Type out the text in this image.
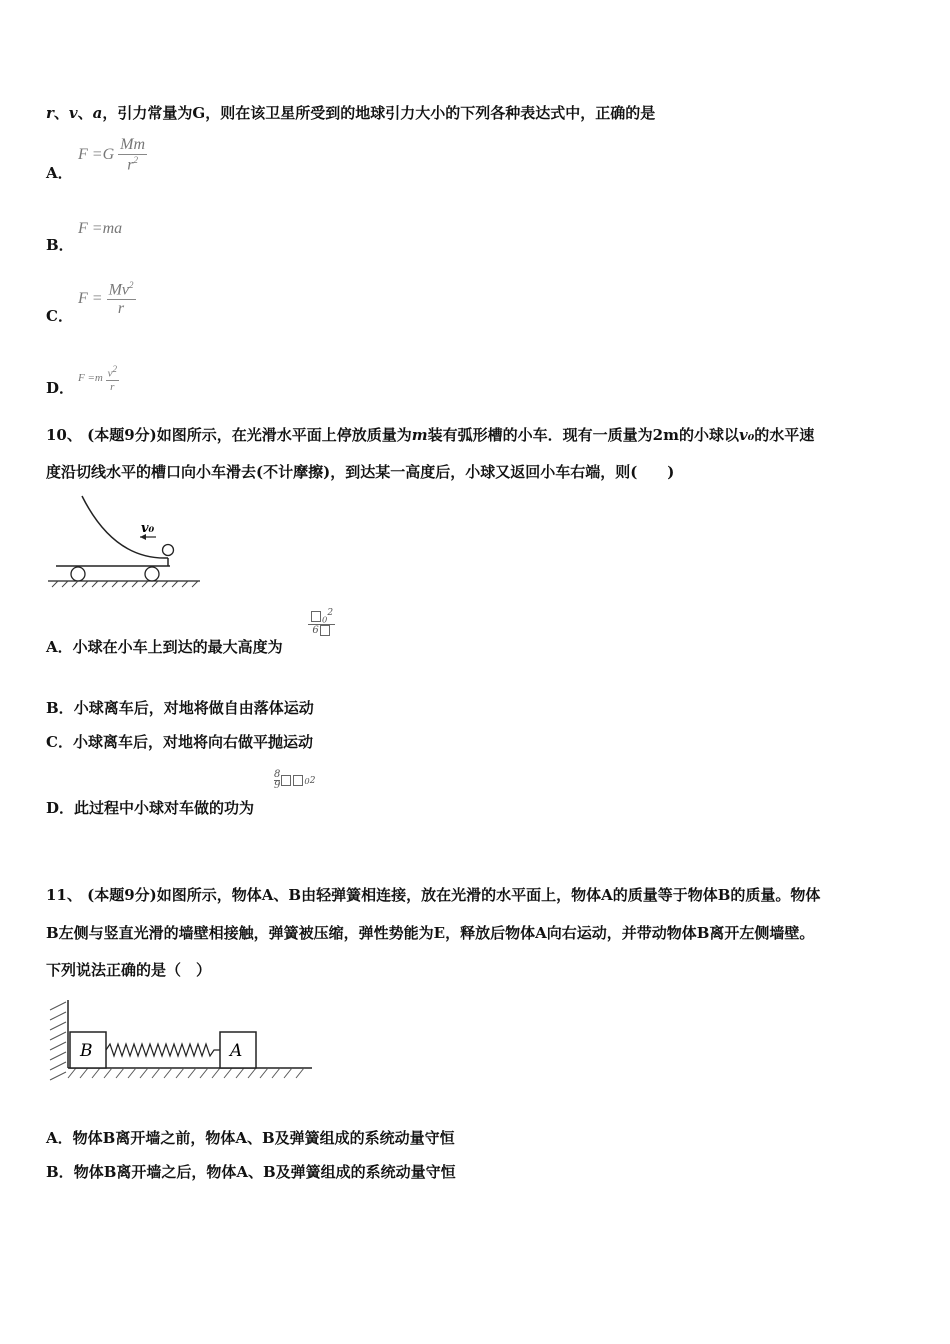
r、v、a，引力常量为G，则在该卫星所受到的地球引力大小的下列各种表达式中，正确的是
A．
$F =G \frac{Mm}{r^2}$
B．
F =ma
C．
$F = \frac{Mv^2}{r}$
D．
$F =m \frac{v^2}{r}$
10、 (本题9分)如图所示，在光滑水平面上停放质量为m装有弧形槽的小车．现有一质量为2m的小球以v₀的水平速
度沿切线水平的槽口向小车滑去(不计摩擦)，到达某一高度后，小球又返回小车右端，则(　　)
v₀
A．小球在小车上到达的最大高度为
$\frac{_0^2}{6}$
B．小球离车后，对地将做自由落体运动
C．小球离车后，对地将向右做平抛运动
D．此过程中小球对车做的功为
$\frac{8}{9}$	0 2
11、 (本题9分)如图所示，物体A、B由轻弹簧相连接，放在光滑的水平面上，物体A的质量等于物体B的质量。物体
B左侧与竖直光滑的墙壁相接触，弹簧被压缩，弹性势能为E，释放后物体A向右运动，并带动物体B离开左侧墙壁。
下列说法正确的是（　）
B	A
A．物体B离开墙之前，物体A、B及弹簧组成的系统动量守恒
B．物体B离开墙之后，物体A、B及弹簧组成的系统动量守恒
